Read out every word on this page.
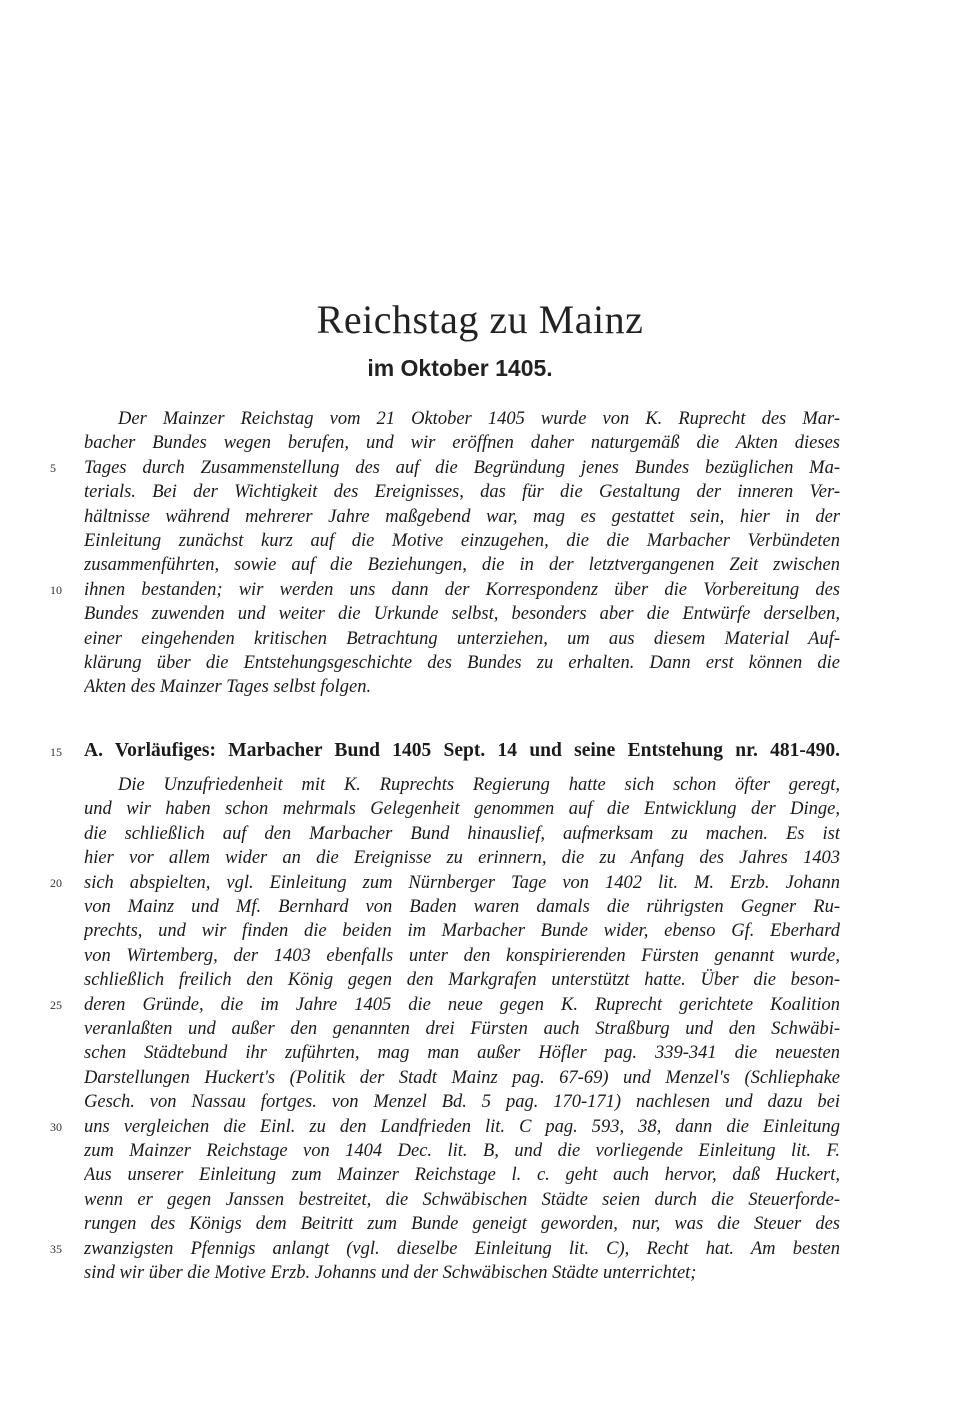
Reichstag zu Mainz
im Oktober 1405.
Der Mainzer Reichstag vom 21 Oktober 1405 wurde von K. Ruprecht des Mar-
bacher Bundes wegen berufen, und wir eröffnen daher naturgemäß die Akten dieses
Tages durch Zusammenstellung des auf die Begründung jenes Bundes bezüglichen Ma-
terials. Bei der Wichtigkeit des Ereignisses, das für die Gestaltung der inneren Ver-
hältnisse während mehrerer Jahre maßgebend war, mag es gestattet sein, hier in der
Einleitung zunächst kurz auf die Motive einzugehen, die die Marbacher Verbündeten
zusammenführten, sowie auf die Beziehungen, die in der letztvergangenen Zeit zwischen
ihnen bestanden; wir werden uns dann der Korrespondenz über die Vorbereitung des
Bundes zuwenden und weiter die Urkunde selbst, besonders aber die Entwürfe derselben,
einer eingehenden kritischen Betrachtung unterziehen, um aus diesem Material Auf-
klärung über die Entstehungsgeschichte des Bundes zu erhalten. Dann erst können die
Akten des Mainzer Tages selbst folgen.
15	A. Vorläufiges: Marbacher Bund 1405 Sept. 14 und seine Entstehung nr. 481-490.
Die Unzufriedenheit mit K. Ruprechts Regierung hatte sich schon öfter geregt,
und wir haben schon mehrmals Gelegenheit genommen auf die Entwicklung der Dinge,
die schließlich auf den Marbacher Bund hinauslief, aufmerksam zu machen. Es ist
hier vor allem wider an die Ereignisse zu erinnern, die zu Anfang des Jahres 1403
sich abspielten, vgl. Einleitung zum Nürnberger Tage von 1402 lit. M. Erzb. Johann
von Mainz und Mf. Bernhard von Baden waren damals die rührigsten Gegner Ru-
prechts, und wir finden die beiden im Marbacher Bunde wider, ebenso Gf. Eberhard
von Wirtemberg, der 1403 ebenfalls unter den konspirierenden Fürsten genannt wurde,
schließlich freilich den König gegen den Markgrafen unterstützt hatte. Über die beson-
deren Gründe, die im Jahre 1405 die neue gegen K. Ruprecht gerichtete Koalition
veranlaßten und außer den genannten drei Fürsten auch Straßburg und den Schwäbi-
schen Städtebund ihr zuführten, mag man außer Höfler pag. 339-341 die neuesten
Darstellungen Huckert's (Politik der Stadt Mainz pag. 67-69) und Menzel's (Schliephake
Gesch. von Nassau fortges. von Menzel Bd. 5 pag. 170-171) nachlesen und dazu bei
uns vergleichen die Einl. zu den Landfrieden lit. C pag. 593, 38, dann die Einleitung
zum Mainzer Reichstage von 1404 Dec. lit. B, und die vorliegende Einleitung lit. F.
Aus unserer Einleitung zum Mainzer Reichstage l. c. geht auch hervor, daß Huckert,
wenn er gegen Janssen bestreitet, die Schwäbischen Städte seien durch die Steuerforde-
rungen des Königs dem Beitritt zum Bunde geneigt geworden, nur, was die Steuer des
zwanzigsten Pfennigs anlangt (vgl. dieselbe Einleitung lit. C), Recht hat. Am besten
sind wir über die Motive Erzb. Johanns und der Schwäbischen Städte unterrichtet;
5
10
20
25
30
35
